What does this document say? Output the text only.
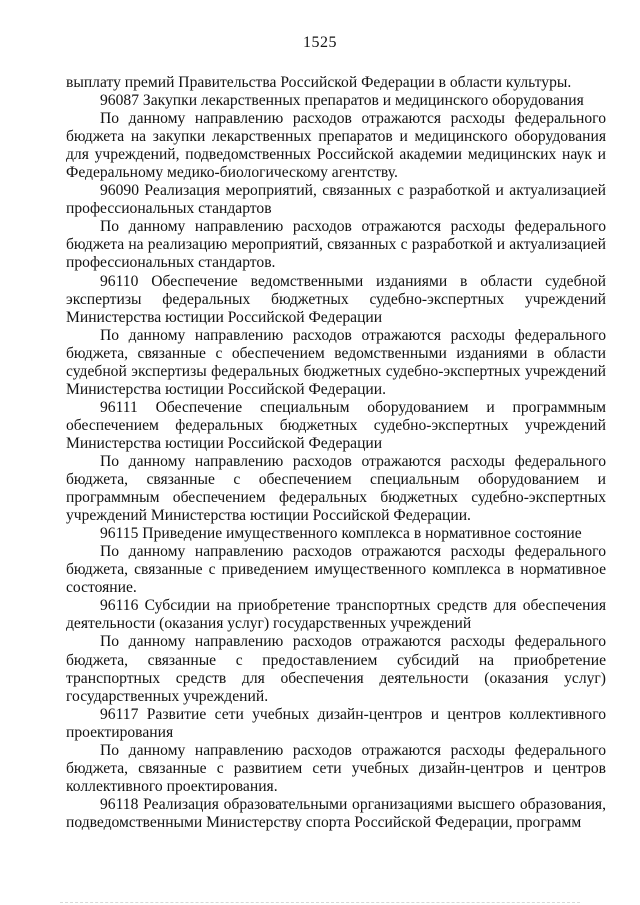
1525

выплату премий Правительства Российской Федерации в области культуры.

96087 Закупки лекарственных препаратов и медицинского оборудования

По данному направлению расходов отражаются расходы федерального бюджета на закупки лекарственных препаратов и медицинского оборудования для учреждений, подведомственных Российской академии медицинских наук и Федеральному медико-биологическому агентству.

96090 Реализация мероприятий, связанных с разработкой и актуализацией профессиональных стандартов

По данному направлению расходов отражаются расходы федерального бюджета на реализацию мероприятий, связанных с разработкой и актуализацией профессиональных стандартов.

96110 Обеспечение ведомственными изданиями в области судебной экспертизы федеральных бюджетных судебно-экспертных учреждений Министерства юстиции Российской Федерации

По данному направлению расходов отражаются расходы федерального бюджета, связанные с обеспечением ведомственными изданиями в области судебной экспертизы федеральных бюджетных судебно-экспертных учреждений Министерства юстиции Российской Федерации.

96111 Обеспечение специальным оборудованием и программным обеспечением федеральных бюджетных судебно-экспертных учреждений Министерства юстиции Российской Федерации

По данному направлению расходов отражаются расходы федерального бюджета, связанные с обеспечением специальным оборудованием и программным обеспечением федеральных бюджетных судебно-экспертных учреждений Министерства юстиции Российской Федерации.

96115 Приведение имущественного комплекса в нормативное состояние

По данному направлению расходов отражаются расходы федерального бюджета, связанные с приведением имущественного комплекса в нормативное состояние.

96116 Субсидии на приобретение транспортных средств для обеспечения деятельности (оказания услуг) государственных учреждений

По данному направлению расходов отражаются расходы федерального бюджета, связанные с предоставлением субсидий на приобретение транспортных средств для обеспечения деятельности (оказания услуг) государственных учреждений.

96117 Развитие сети учебных дизайн-центров и центров коллективного проектирования

По данному направлению расходов отражаются расходы федерального бюджета, связанные с развитием сети учебных дизайн-центров и центров коллективного проектирования.

96118 Реализация образовательными организациями высшего образования, подведомственными Министерству спорта Российской Федерации, программ
